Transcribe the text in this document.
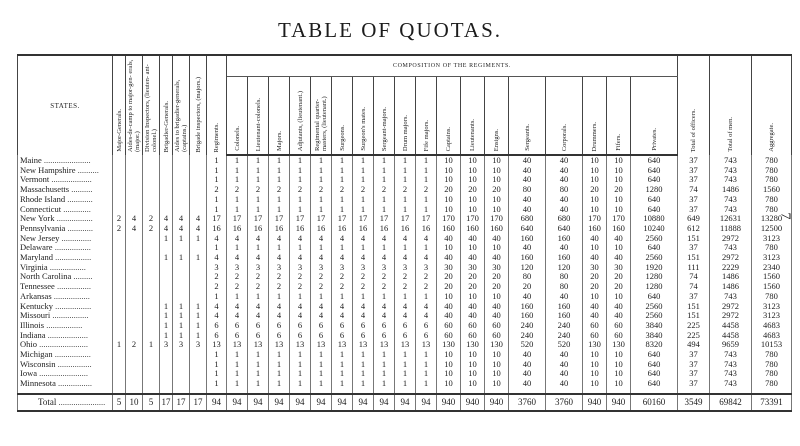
TABLE OF QUOTAS.
7
STATES.	Major-Generals.	Aides-de-camp to major-gen- erals, (major.)	Division Inspectors, (lieuten- ant-colonel.)	Brigadier-Generals.	Aides to brigadier-generals, (captains.)	Brigade inspectors, (majors.)	Regiments.	COMPOSITION OF THE REGIMENTS.																		Total of officers.	Total of men.	Aggregate.

								Colonels.	Lieutenant-colonels.	Majors.	Adjutants, (lieutenant.)	Regimental quarter- masters, (lieutenant.)	Surgeons.	Surgeon's mates.	Sergeant-majors.	Drum majors.	Fife majors.	Captains.	Lieutenants.	Ensigns.	Sergeants.	Corporals.	Drummers.	Fifers.	Privates.			

Maine ......................							1	1	1	1	1	1	1	1	1	1	1	10	10	10	40	40	10	10	640	37	743	780
New Hampshire ..........							1	1	1	1	1	1	1	1	1	1	1	10	10	10	40	40	10	10	640	37	743	780
Vermont ...................							1	1	1	1	1	1	1	1	1	1	1	10	10	10	40	40	10	10	640	37	743	780
Massachusetts ..........							2	2	2	2	2	2	2	2	2	2	2	20	20	20	80	80	20	20	1280	74	1486	1560
Rhode Island ............							1	1	1	1	1	1	1	1	1	1	1	10	10	10	40	40	10	10	640	37	743	780
Connecticut .............							1	1	1	1	1	1	1	1	1	1	1	10	10	10	40	40	10	10	640	37	743	780
New York .................	2	4	2	4	4	4	17	17	17	17	17	17	17	17	17	17	17	170	170	170	680	680	170	170	10880	649	12631	13280
Pennsylvania ............	2	4	2	4	4	4	16	16	16	16	16	16	16	16	16	16	16	160	160	160	640	640	160	160	10240	612	11888	12500
New Jersey ..............				1	1	1	4	4	4	4	4	4	4	4	4	4	4	40	40	40	160	160	40	40	2560	151	2972	3123
Delaware .................							1	1	1	1	1	1	1	1	1	1	1	10	10	10	40	40	10	10	640	37	743	780
Maryland .................				1	1	1	4	4	4	4	4	4	4	4	4	4	4	40	40	40	160	160	40	40	2560	151	2972	3123
Virginia .................							3	3	3	3	3	3	3	3	3	3	3	30	30	30	120	120	30	30	1920	111	2229	2340
North Carolina .........							2	2	2	2	2	2	2	2	2	2	2	20	20	20	80	80	20	20	1280	74	1486	1560
Tennessee ................							2	2	2	2	2	2	2	2	2	2	2	20	20	20	20	80	20	20	1280	74	1486	1560
Arkansas .................							1	1	1	1	1	1	1	1	1	1	1	10	10	10	40	40	10	10	640	37	743	780
Kentucky .................				1	1	1	4	4	4	4	4	4	4	4	4	4	4	40	40	40	160	160	40	40	2560	151	2972	3123
Missouri .................				1	1	1	4	4	4	4	4	4	4	4	4	4	4	40	40	40	160	160	40	40	2560	151	2972	3123
Illinois .................				1	1	1	6	6	6	6	6	6	6	6	6	6	6	60	60	60	240	240	60	60	3840	225	4458	4683
Indiana ...................				1	1	1	6	6	6	6	6	6	6	6	6	6	6	60	60	60	240	240	60	60	3840	225	4458	4683
Ohio .......................	1	2	1	3	3	3	13	13	13	13	13	13	13	13	13	13	13	130	130	130	520	520	130	130	8320	494	9659	10153
Michigan .................							1	1	1	1	1	1	1	1	1	1	1	10	10	10	40	40	10	10	640	37	743	780
Wisconsin ................							1	1	1	1	1	1	1	1	1	1	1	10	10	10	40	40	10	10	640	37	743	780
Iowa .......................							1	1	1	1	1	1	1	1	1	1	1	10	10	10	40	40	10	10	640	37	743	780
Minnesota ................							1	1	1	1	1	1	1	1	1	1	1	10	10	10	40	40	10	10	640	37	743	780

Total ......................	5	10	5	17	17	17	94	94	94	94	94	94	94	94	94	94	94	940	940	940	3760	3760	940	940	60160	3549	69842	73391
